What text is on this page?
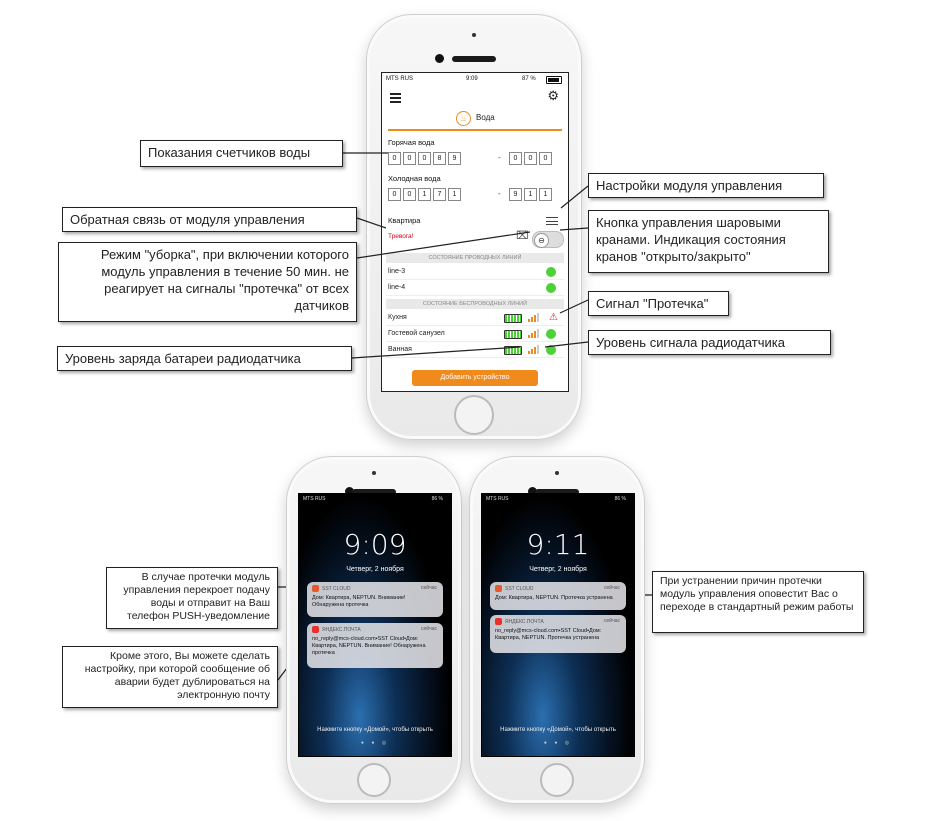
MTS RUS	9:09	87 %
⚙
♨	Вода
Горячая вода
0	0	0	8	9	-	0	0	0
Холодная вода
0	0	1	7	1	-	9	1	1
Квартира
Тревога!	⌧	⊖
СОСТОЯНИЕ ПРОВОДНЫХ ЛИНИЙ
line-3
line-4
СОСТОЯНИЕ БЕСПРОВОДНЫХ ЛИНИЙ
Кухня	⚠
Гостевой санузел
Ванная
Добавить устройство
Показания счетчиков воды
Обратная связь от модуля управления
Режим "уборка", при включении которого модуль управления в течение 50 мин. не реагирует на сигналы "протечка" от всех датчиков
Уровень заряда батареи радиодатчика
Настройки модуля управления
Кнопка управления шаровыми кранами. Индикация состояния кранов "открыто/закрыто"
Сигнал "Протечка"
Уровень сигнала радиодатчика
MTS RUS	86 %
9:09
Четверг, 2 ноября
SST CLOUD	сейчас
Дом: Квартира, NEPTUN. Внимание! Обнаружена протечка
ЯНДЕКС.ПОЧТА	сейчас
no_reply@mcs-cloud.com•SST Cloud•Дом: Квартира, NEPTUN. Внимание! Обнаружена протечка
Нажмите кнопку «Домой», чтобы открыть
● ● ◎
MTS RUS	86 %
9:11
Четверг, 2 ноября
SST CLOUD	сейчас
Дом: Квартира, NEPTUN. Протечка устранена
ЯНДЕКС.ПОЧТА	сейчас
no_reply@mcs-cloud.com•SST Cloud•Дом: Квартира, NEPTUN. Протечка устранена
Нажмите кнопку «Домой», чтобы открыть
● ● ◎
В случае протечки модуль управления перекроет подачу воды и отправит на Ваш телефон PUSH-уведомление
Кроме этого, Вы можете сделать настройку, при которой сообщение об аварии будет дублироваться на электронную почту
При устранении причин протечки модуль управления оповестит Вас о переходе в стандартный режим работы
